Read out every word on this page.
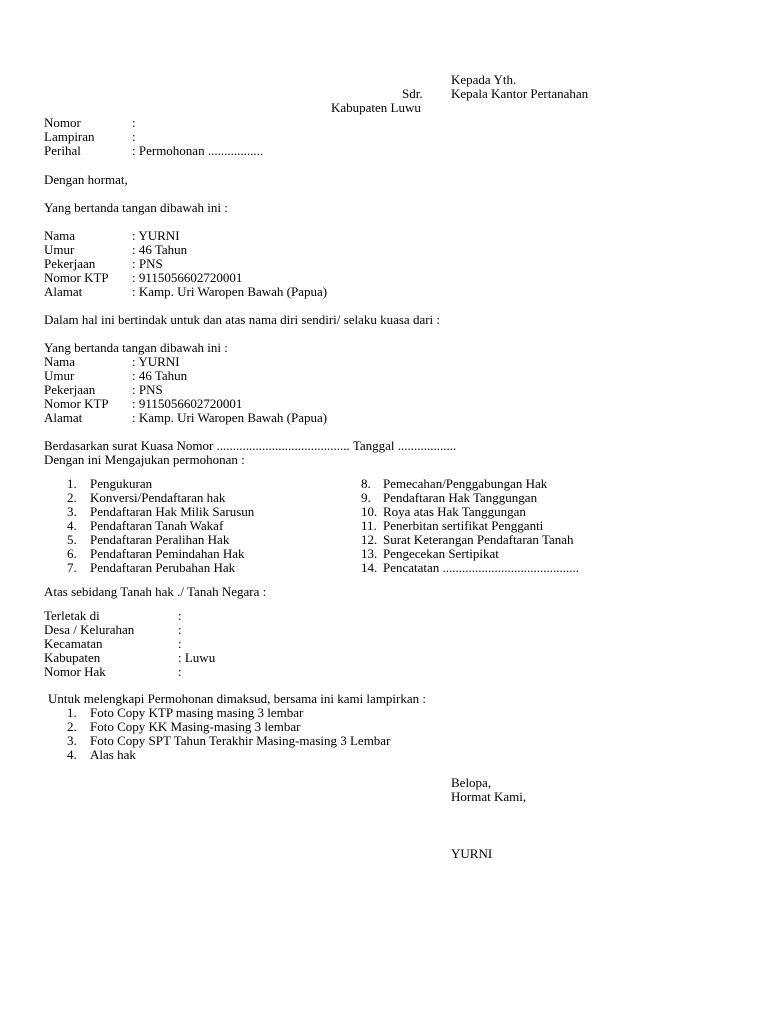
Kepada Yth.
Sdr. Kepala Kantor Pertanahan
Kabupaten Luwu
Nomor	:
Lampiran	:
Perihal	: Permohonan .................
Dengan hormat,
Yang bertanda tangan dibawah ini :
Nama	: YURNI
Umur	: 46 Tahun
Pekerjaan	: PNS
Nomor KTP : 9115056602720001
Alamat	: Kamp. Uri Waropen Bawah (Papua)
Dalam hal ini bertindak untuk dan atas nama diri sendiri/ selaku kuasa dari :
Yang bertanda tangan dibawah ini :
Nama	: YURNI
Umur	: 46 Tahun
Pekerjaan	: PNS
Nomor KTP : 9115056602720001
Alamat	: Kamp. Uri Waropen Bawah (Papua)
Berdasarkan surat Kuasa Nomor ......................................... Tanggal ..................
Dengan ini Mengajukan permohonan :
1. Pengukuran
2. Konversi/Pendaftaran hak
3. Pendaftaran Hak Milik Sarusun
4. Pendaftaran Tanah Wakaf
5. Pendaftaran Peralihan Hak
6. Pendaftaran Pemindahan Hak
7. Pendaftaran Perubahan Hak
8. Pemecahan/Penggabungan Hak
9. Pendaftaran Hak Tanggungan
10. Roya atas Hak Tanggungan
11. Penerbitan sertifikat Pengganti
12. Surat Keterangan Pendaftaran Tanah
13. Pengecekan Sertipikat
14. Pencatatan ..........................................
Atas sebidang Tanah hak ./ Tanah Negara :
Terletak di	:
Desa / Kelurahan	:
Kecamatan	:
Kabupaten	: Luwu
Nomor Hak	:
Untuk melengkapi Permohonan dimaksud, bersama ini kami lampirkan :
1. Foto Copy KTP masing masing 3 lembar
2. Foto Copy KK Masing-masing 3 lembar
3. Foto Copy SPT Tahun Terakhir Masing-masing 3 Lembar
4. Alas hak
Belopa,
Hormat Kami,
YURNI
